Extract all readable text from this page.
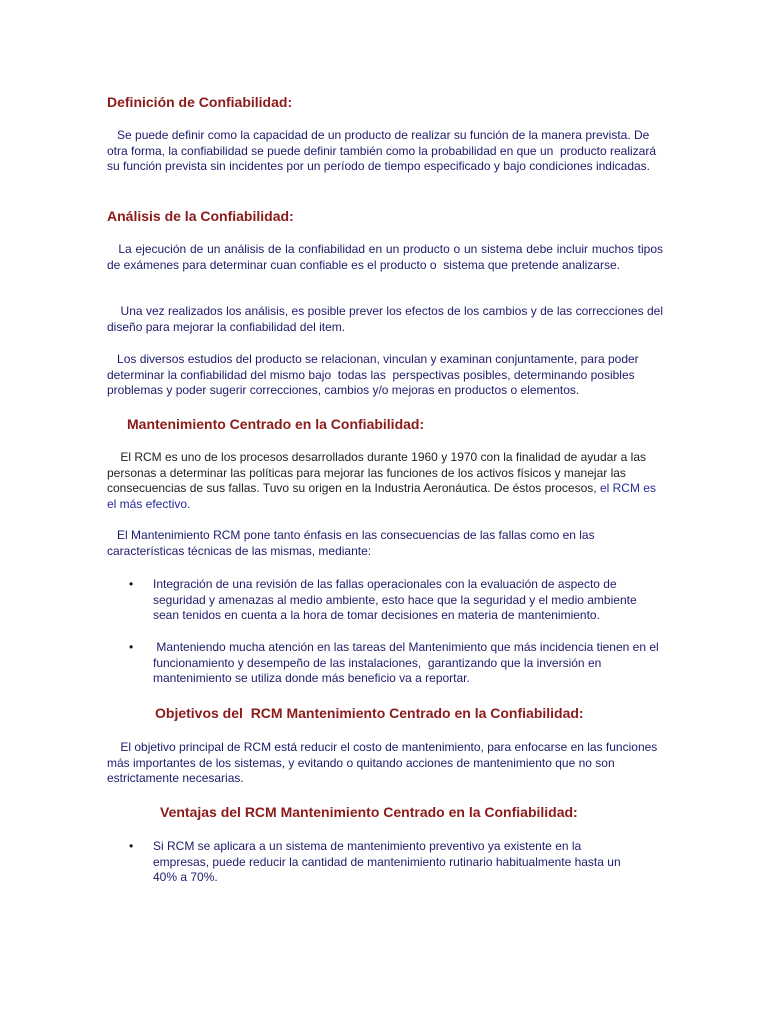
Definición de Confiabilidad:

Se puede definir como la capacidad de un producto de realizar su función de la manera prevista. De otra forma, la confiabilidad se puede definir también como la probabilidad en que un  producto realizará su función prevista sin incidentes por un período de tiempo especificado y bajo condiciones indicadas.

Análisis de la Confiabilidad:

La ejecución de un análisis de la confiabilidad en un producto o un sistema debe incluir muchos tipos de exámenes para determinar cuan confiable es el producto o  sistema que pretende analizarse.

Una vez realizados los análisis, es posible prever los efectos de los cambios y de las correcciones del diseño para mejorar la confiabilidad del item.

Los diversos estudios del producto se relacionan, vinculan y examinan conjuntamente, para poder determinar la confiabilidad del mismo bajo  todas las  perspectivas posibles, determinando posibles problemas y poder sugerir correcciones, cambios y/o mejoras en productos o elementos.

Mantenimiento Centrado en la Confiabilidad:

El RCM es uno de los procesos desarrollados durante 1960 y 1970 con la finalidad de ayudar a las personas a determinar las políticas para mejorar las funciones de los activos físicos y manejar las consecuencias de sus fallas. Tuvo su origen en la Industria Aeronáutica. De éstos procesos, el RCM es el más efectivo.

El Mantenimiento RCM pone tanto énfasis en las consecuencias de las fallas como en las características técnicas de las mismas, mediante:

• Integración de una revisión de las fallas operacionales con la evaluación de aspecto de seguridad y amenazas al medio ambiente, esto hace que la seguridad y el medio ambiente sean tenidos en cuenta a la hora de tomar decisiones en materia de mantenimiento.

• Manteniendo mucha atención en las tareas del Mantenimiento que más incidencia tienen en el  funcionamiento y desempeño de las instalaciones,  garantizando que la inversión en mantenimiento se utiliza donde más beneficio va a reportar.

Objetivos del  RCM Mantenimiento Centrado en la Confiabilidad:

El objetivo principal de RCM está reducir el costo de mantenimiento, para enfocarse en las funciones más importantes de los sistemas, y evitando o quitando acciones de mantenimiento que no son estrictamente necesarias.

Ventajas del RCM Mantenimiento Centrado en la Confiabilidad:
• Si RCM se aplicara a un sistema de mantenimiento preventivo ya existente en la empresas, puede reducir la cantidad de mantenimiento rutinario habitualmente hasta un 40% a 70%.
